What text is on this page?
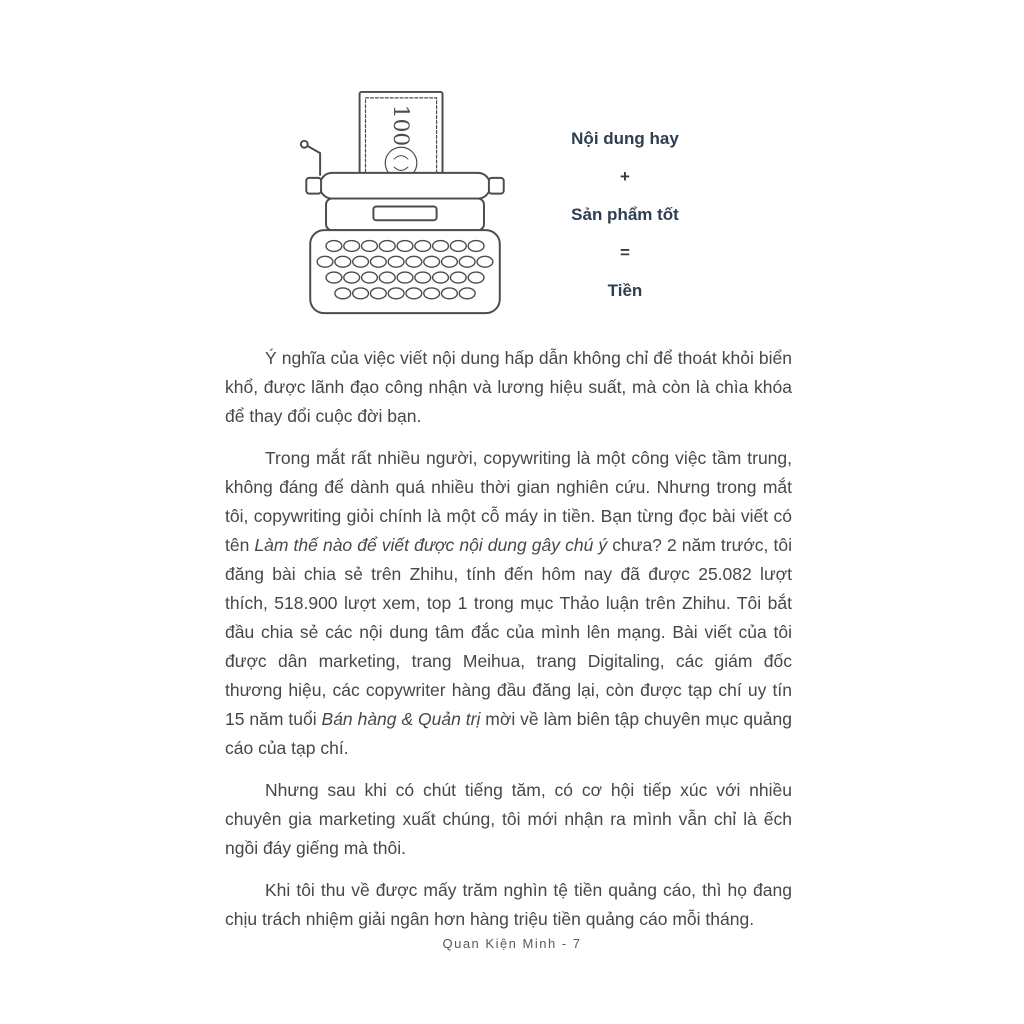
100	Nội dung hay

+

Sản phẩm tốt

=

Tiền

Ý nghĩa của việc viết nội dung hấp dẫn không chỉ để thoát khỏi biển khổ, được lãnh đạo công nhận và lương hiệu suất, mà còn là chìa khóa để thay đổi cuộc đời bạn.

Trong mắt rất nhiều người, copywriting là một công việc tầm trung, không đáng để dành quá nhiều thời gian nghiên cứu. Nhưng trong mắt tôi, copywriting giỏi chính là một cỗ máy in tiền. Bạn từng đọc bài viết có tên Làm thế nào để viết được nội dung gây chú ý chưa? 2 năm trước, tôi đăng bài chia sẻ trên Zhihu, tính đến hôm nay đã được 25.082 lượt thích, 518.900 lượt xem, top 1 trong mục Thảo luận trên Zhihu. Tôi bắt đầu chia sẻ các nội dung tâm đắc của mình lên mạng. Bài viết của tôi được dân marketing, trang Meihua, trang Digitaling, các giám đốc thương hiệu, các copywriter hàng đầu đăng lại, còn được tạp chí uy tín 15 năm tuổi Bán hàng & Quản trị mời về làm biên tập chuyên mục quảng cáo của tạp chí.

Nhưng sau khi có chút tiếng tăm, có cơ hội tiếp xúc với nhiều chuyên gia marketing xuất chúng, tôi mới nhận ra mình vẫn chỉ là ếch ngồi đáy giếng mà thôi.

Khi tôi thu về được mấy trăm nghìn tệ tiền quảng cáo, thì họ đang chịu trách nhiệm giải ngân hơn hàng triệu tiền quảng cáo mỗi tháng.

Quan Kiện Minh - 7
